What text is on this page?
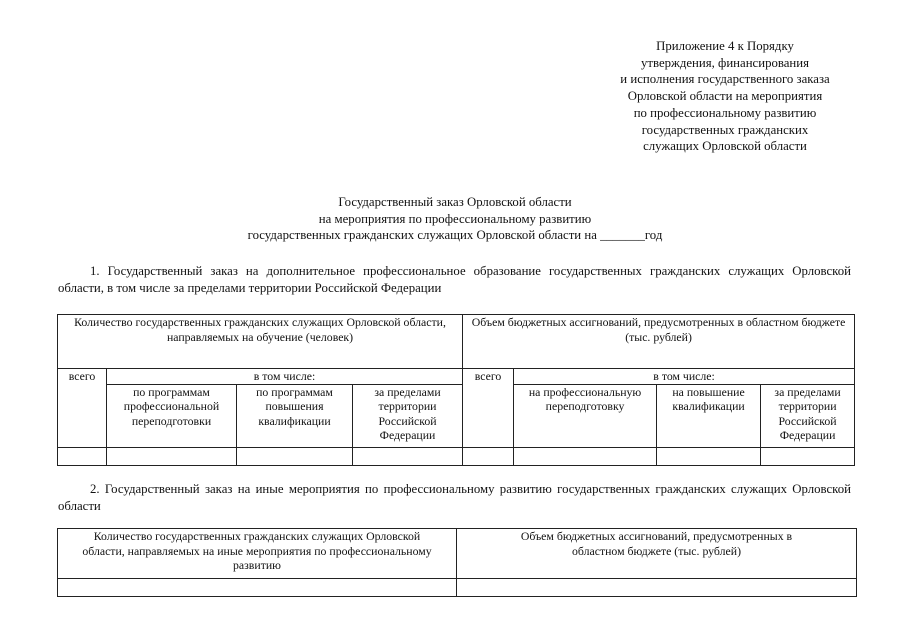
Приложение 4 к Порядку
утверждения, финансирования
и исполнения государственного заказа
Орловской области на мероприятия
по профессиональному развитию
государственных гражданских
служащих Орловской области
Государственный заказ Орловской области
на мероприятия по профессиональному развитию
государственных гражданских служащих Орловской области на _______год
1. Государственный заказ на дополнительное профессиональное образование государственных гражданских служащих Орловской области, в том числе за пределами территории Российской Федерации
Количество государственных гражданских служащих Орловской области, направляемых на обучение (человек)				Объем бюджетных ассигнований, предусмотренных в областном бюджете (тыс. рублей)			
всего	в том числе:			всего	в том числе:		
	по программам профессиональной переподготовки	по программам повышения квалификации	за пределами территории Российской Федерации		на профессиональную переподготовку	на повышение квалификации	за пределами территории Российской Федерации

2. Государственный заказ на иные мероприятия по профессиональному развитию государственных гражданских служащих Орловской области
Количество государственных гражданских служащих Орловской области, направляемых на иные мероприятия по профессиональному развитию	Объем бюджетных ассигнований, предусмотренных в областном бюджете (тыс. рублей)
